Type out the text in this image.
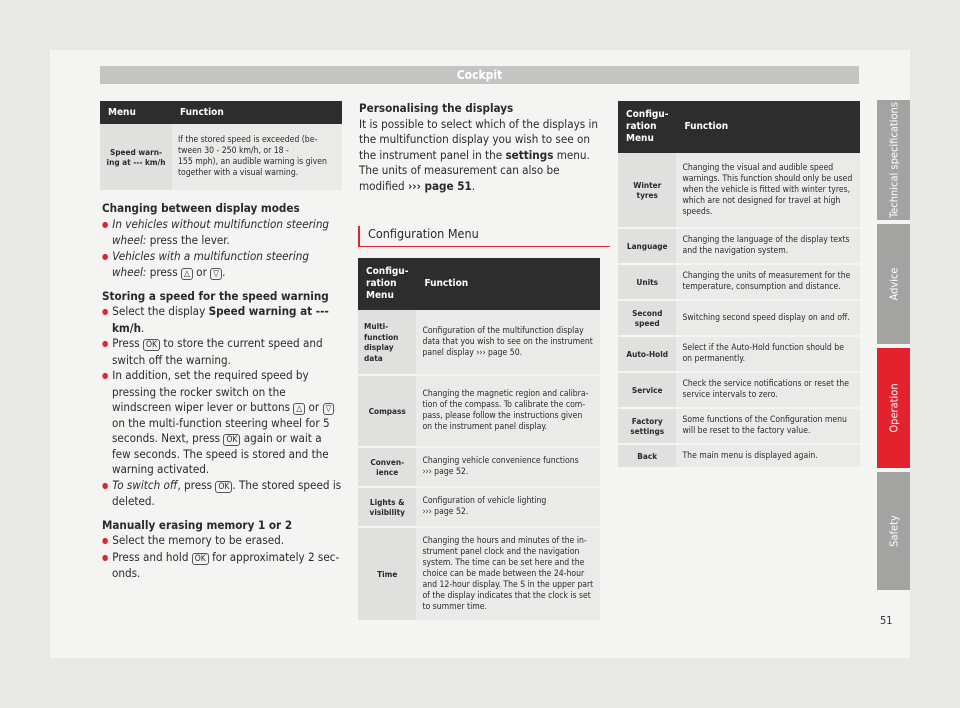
Cockpit
Menu	Function
Speed warn-
ing at --- km/h	If the stored speed is exceeded (be-
tween 30 - 250 km/h, or 18 -
155 mph), an audible warning is given
together with a visual warning.
Changing between display modes
● In vehicles without multifunction steering wheel: press the lever.
● Vehicles with a multifunction steering wheel: press △ or ▽ .
Storing a speed for the speed warning
● Select the display Speed warning at --- km/h.
● Press OK to store the current speed and switch off the warning.
● In addition, set the required speed by pressing the rocker switch on the windscreen wiper lever or buttons △ or ▽ on the multi-function steering wheel for 5 seconds. Next, press OK again or wait a few seconds. The speed is stored and the warning activated.
● To switch off, press OK . The stored speed is deleted.
Manually erasing memory 1 or 2
● Select the memory to be erased.
● Press and hold OK for approximately 2 sec-onds.
Personalising the displays
It is possible to select which of the displays in the multifunction display you wish to see on the instrument panel in the settings menu. The units of measurement can also be modified ››› page 51.
Configuration Menu
Configu-
ration
Menu	Function
Multi-
function
display
data	Configuration of the multifunction display data that you wish to see on the instrument panel display ››› page 50.
Compass	Changing the magnetic region and calibra-tion of the compass. To calibrate the com-pass, please follow the instructions given on the instrument panel display.
Conven-
ience	Changing vehicle convenience functions
››› page 52.
Lights &
visibility	Configuration of vehicle lighting
››› page 52.
Time	Changing the hours and minutes of the in-strument panel clock and the navigation system. The time can be set here and the choice can be made between the 24-hour and 12-hour display. The S in the upper part of the display indicates that the clock is set to summer time.
Configu-
ration
Menu	Function
Winter
tyres	Changing the visual and audible speed warnings. This function should only be used when the vehicle is fitted with winter tyres, which are not designed for travel at high speeds.
Language	Changing the language of the display texts and the navigation system.
Units	Changing the units of measurement for the temperature, consumption and distance.
Second
speed	Switching second speed display on and off.
Auto-Hold	Select if the Auto-Hold function should be on permanently.
Service	Check the service notifications or reset the service intervals to zero.
Factory
settings	Some functions of the Configuration menu will be reset to the factory value.
Back	The main menu is displayed again.
Technical specifications
Advice
Operation
Safety
51
